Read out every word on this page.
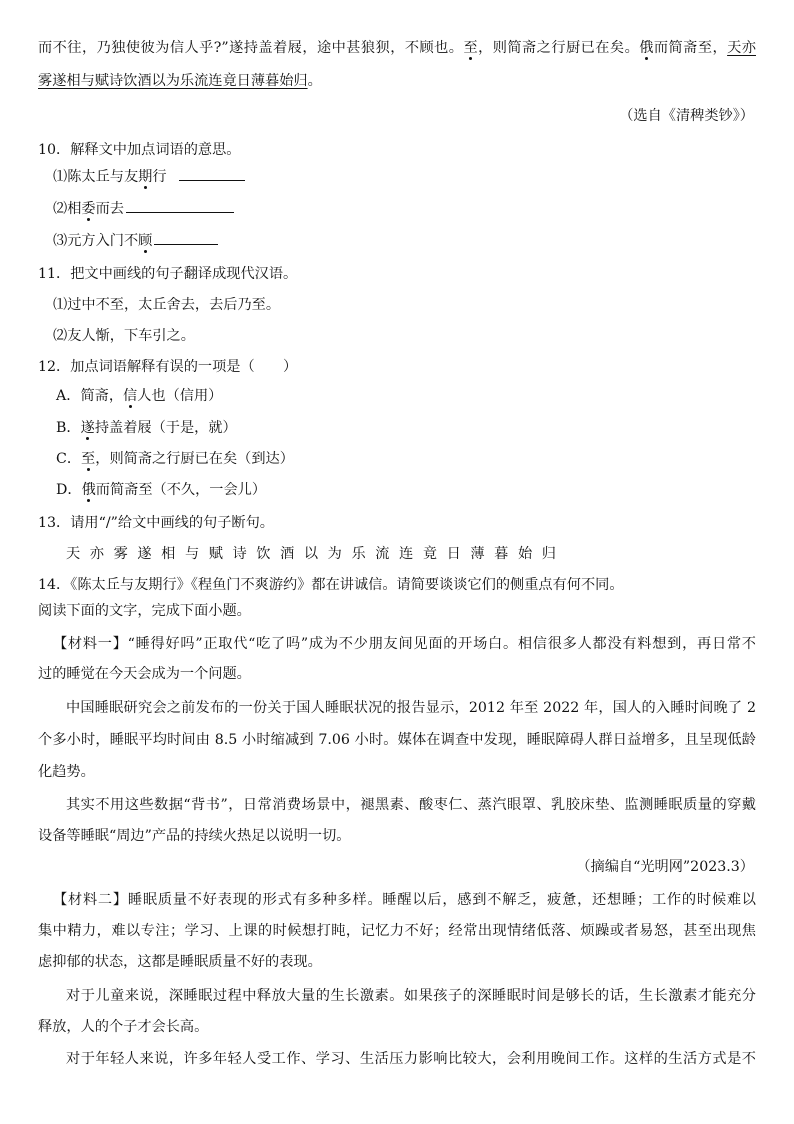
而不往，乃独使彼为信人乎?”遂持盖着屐，途中甚狼狈，不顾也。至，则简斋之行厨已在矣。俄而简斋至，天亦
雾遂相与赋诗饮酒以为乐流连竟日薄暮始归。
（选自《清稗类钞》）
10．解释文中加点词语的意思。
⑴陈太丘与友期行
⑵相委而去
⑶元方入门不顾
11．把文中画线的句子翻译成现代汉语。
⑴过中不至，太丘舍去，去后乃至。
⑵友人惭，下车引之。
12．加点词语解释有误的一项是（　　）
A．简斋，信人也（信用）
B．遂持盖着屐（于是，就）
C．至，则简斋之行厨已在矣（到达）
D．俄而简斋至（不久，一会儿）
13．请用“/”给文中画线的句子断句。
天亦雾遂相与赋诗饮酒以为乐流连竟日薄暮始归
14．《陈太丘与友期行》《程鱼门不爽游约》都在讲诚信。请简要谈谈它们的侧重点有何不同。
阅读下面的文字，完成下面小题。
【材料一】“睡得好吗”正取代“吃了吗”成为不少朋友间见面的开场白。相信很多人都没有料想到，再日常不
过的睡觉在今天会成为一个问题。
中国睡眠研究会之前发布的一份关于国人睡眠状况的报告显示，2012 年至 2022 年，国人的入睡时间晚了 2
个多小时，睡眠平均时间由 8.5 小时缩减到 7.06 小时。媒体在调查中发现，睡眠障碍人群日益增多，且呈现低龄
化趋势。
其实不用这些数据“背书”，日常消费场景中，褪黑素、酸枣仁、蒸汽眼罩、乳胶床垫、监测睡眠质量的穿戴
设备等睡眠“周边”产品的持续火热足以说明一切。
（摘编自“光明网”2023.3）
【材料二】睡眠质量不好表现的形式有多种多样。睡醒以后，感到不解乏，疲惫，还想睡；工作的时候难以
集中精力，难以专注；学习、上课的时候想打盹，记忆力不好；经常出现情绪低落、烦躁或者易怒，甚至出现焦
虑抑郁的状态，这都是睡眠质量不好的表现。
对于儿童来说，深睡眠过程中释放大量的生长激素。如果孩子的深睡眠时间是够长的话，生长激素才能充分
释放，人的个子才会长高。
对于年轻人来说，许多年轻人受工作、学习、生活压力影响比较大，会利用晚间工作。这样的生活方式是不
